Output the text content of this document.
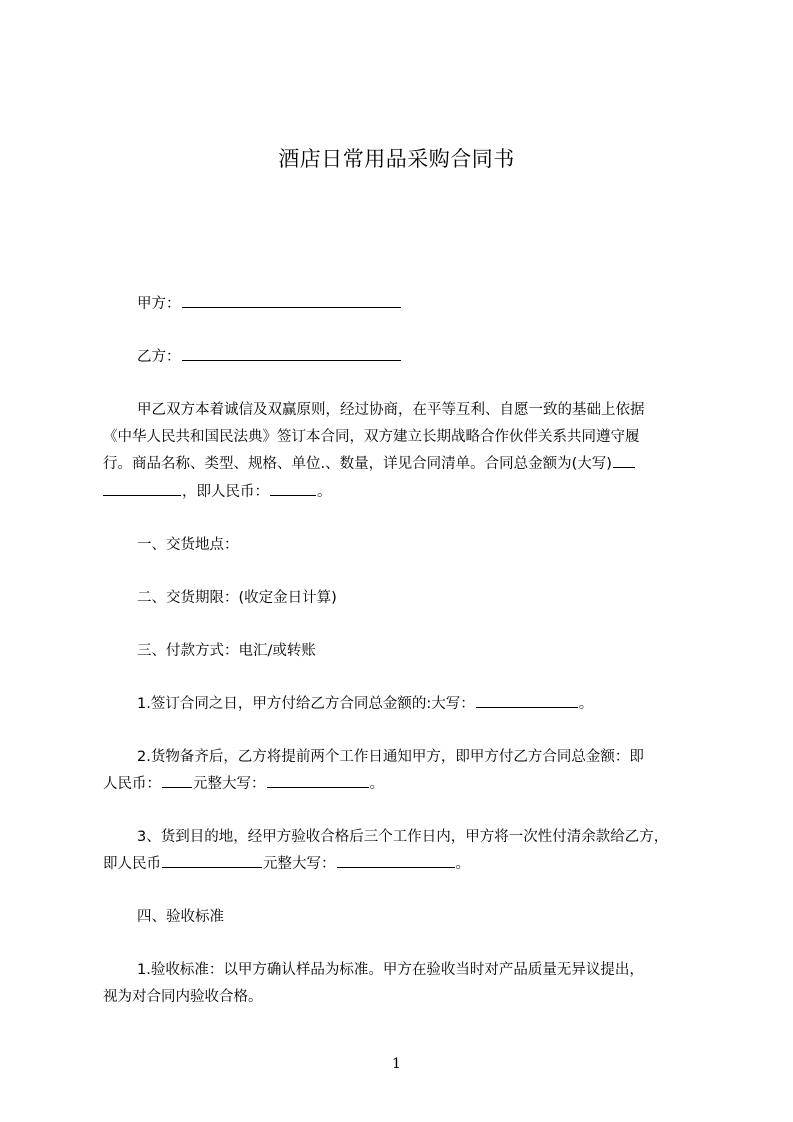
酒店日常用品采购合同书
甲方：
乙方：
甲乙双方本着诚信及双赢原则，经过协商，在平等互利、自愿一致的基础上依据
《中华人民共和国民法典》签订本合同，双方建立长期战略合作伙伴关系共同遵守履
行。商品名称、类型、规格、单位.、数量，详见合同清单。合同总金额为(大写)
，即人民币：	。
一、交货地点：
二、交货期限：(收定金日计算)
三、付款方式：电汇/或转账
1.签订合同之日，甲方付给乙方合同总金额的:大写：	。
2.货物备齐后，乙方将提前两个工作日通知甲方，即甲方付乙方合同总金额：即
人民币： 元整大写：	。
3、货到目的地，经甲方验收合格后三个工作日内，甲方将一次性付清余款给乙方，
即人民币	元整大写：	。
四、验收标准
1.验收标准：以甲方确认样品为标准。甲方在验收当时对产品质量无异议提出，
视为对合同内验收合格。
1
